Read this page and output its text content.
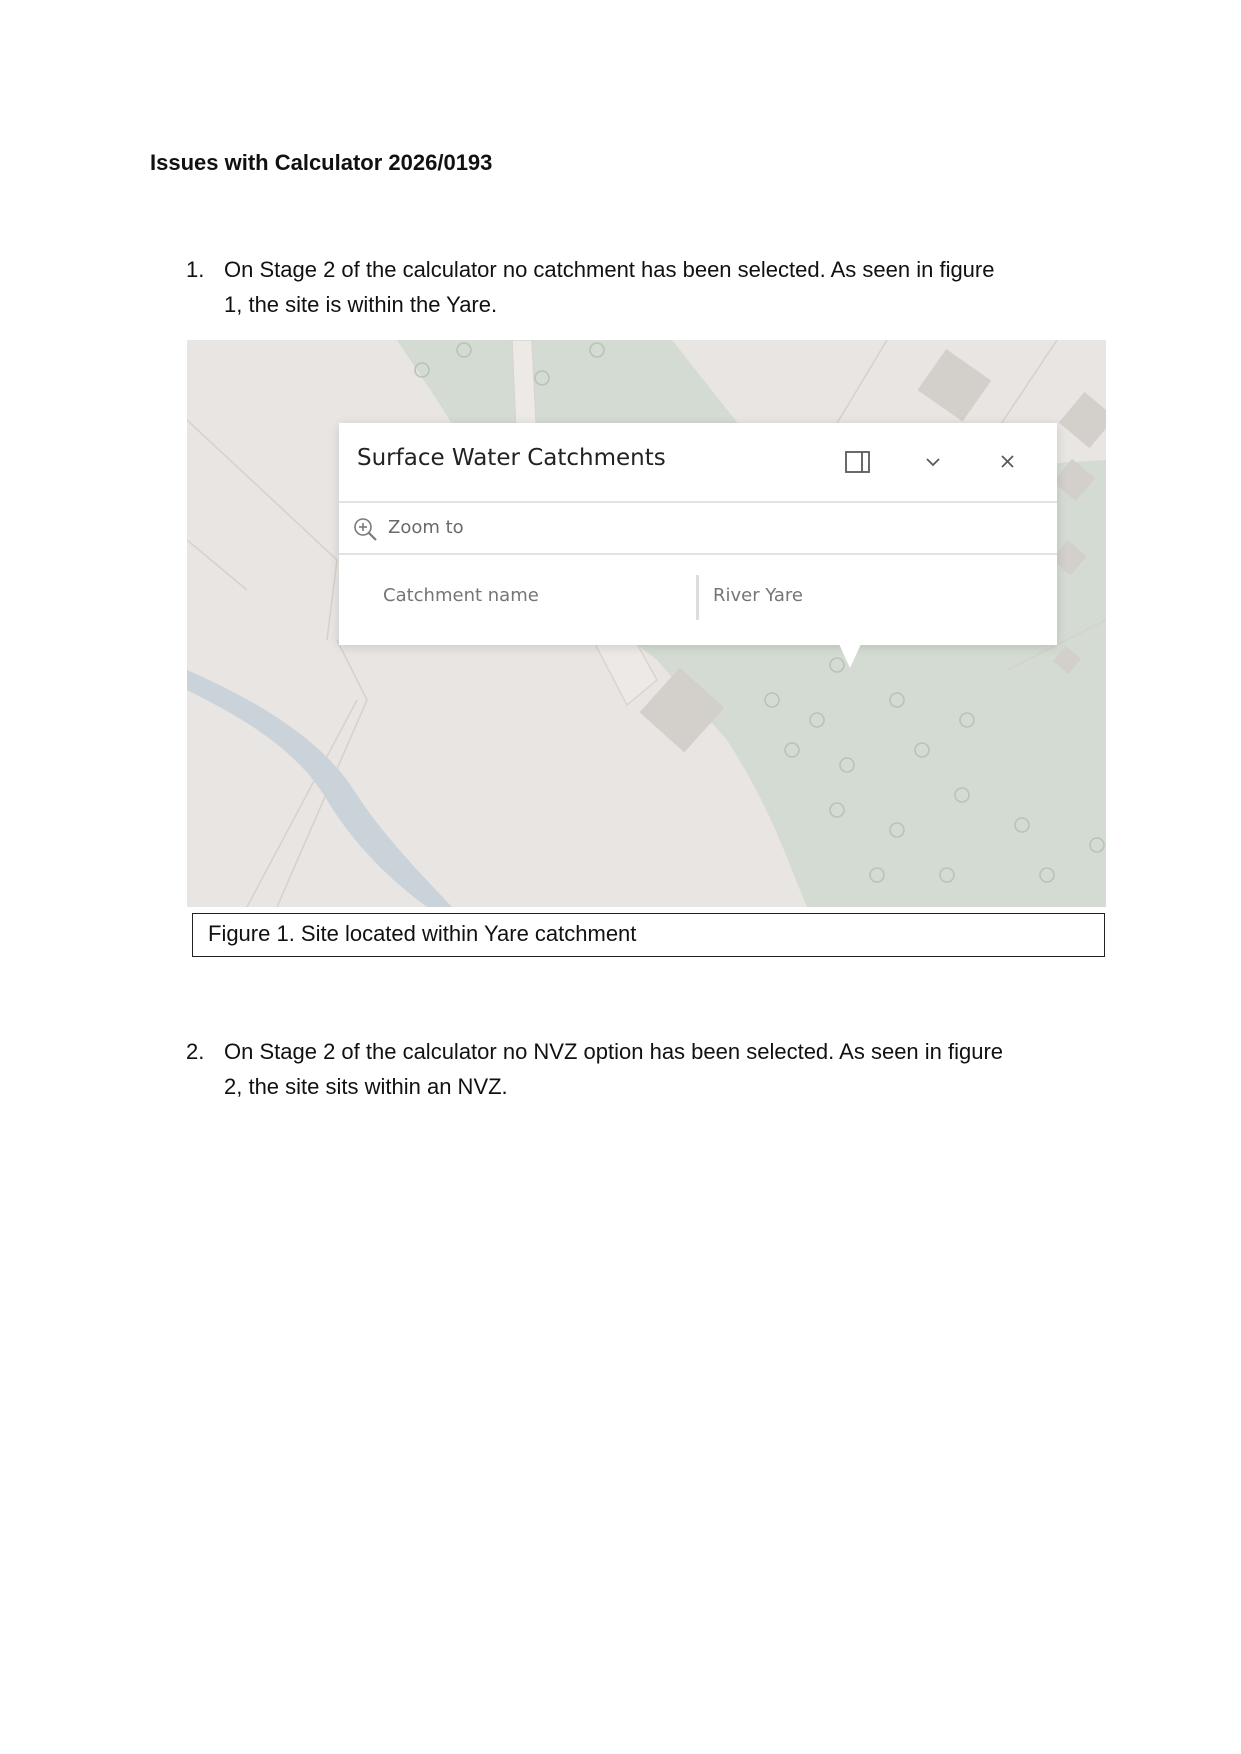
Issues with Calculator 2026/0193
1. On Stage 2 of the calculator no catchment has been selected. As seen in figure
1, the site is within the Yare.
Surface Water Catchments
Zoom to
Catchment name	River Yare
Figure 1. Site located within Yare catchment
2. On Stage 2 of the calculator no NVZ option has been selected. As seen in figure
2, the site sits within an NVZ.
